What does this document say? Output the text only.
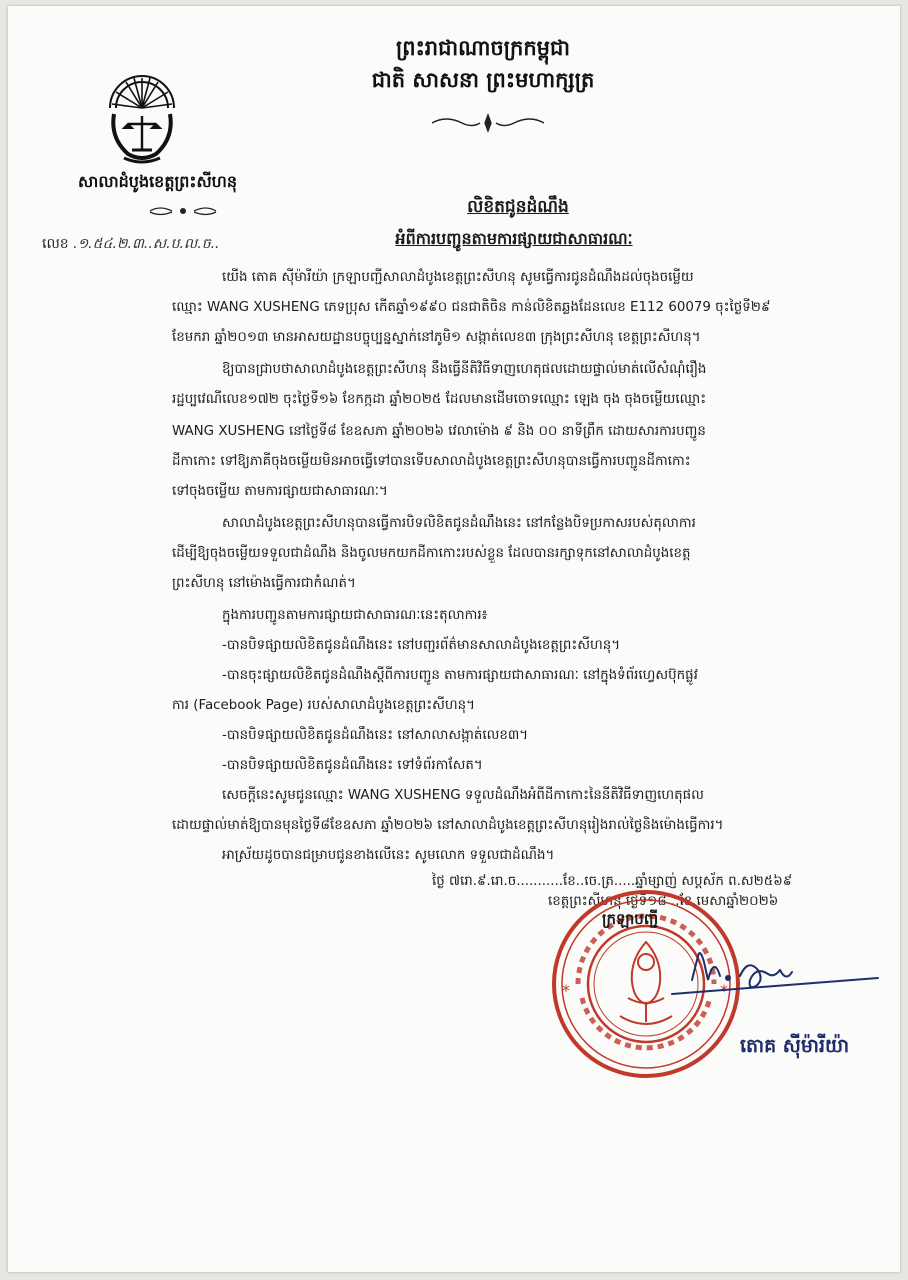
សាលាដំបូងខេត្តព្រះសីហនុ
លេខ .១.៥៤.២.៣..ស.ប.ល.ច..
ព្រះរាជាណាចក្រកម្ពុជា
ជាតិ សាសនា ព្រះមហាក្សត្រ
លិខិតជូនដំណឹង
អំពីការបញ្ជូនតាមការផ្សាយជាសាធារណៈ
យើង តោគ ស៊ីម៉ារីយ៉ា ក្រឡាបញ្ជីសាលាដំបូងខេត្តព្រះសីហនុ សូមធ្វើការជូនដំណឹងដល់ចុងចម្លើយ
ឈ្មោះ WANG XUSHENG ភេទប្រុស កើតឆ្នាំ១៩៩០ ជនជាតិចិន កាន់លិខិតឆ្លងដែនលេខ E112 60079 ចុះថ្ងៃទី២៩
ខែមករា ឆ្នាំ២០១៣ មានអាសយដ្ឋានបច្ចុប្បន្នស្នាក់នៅភូមិ១ សង្កាត់លេខ៣ ក្រុងព្រះសីហនុ ខេត្តព្រះសីហនុ។
ឱ្យបានជ្រាបថាសាលាដំបូងខេត្តព្រះសីហនុ នឹងធ្វើនីតិវិធីទាញហេតុផលដោយផ្ទាល់មាត់លើសំណុំរឿង
រដ្ឋប្បវេណីលេខ១៧២ ចុះថ្ងៃទី១៦ ខែកក្កដា ឆ្នាំ២០២៥ ដែលមានដើមចោទឈ្មោះ ឡេង ចុង ចុងចម្លើយឈ្មោះ
WANG XUSHENG នៅថ្ងៃទី៨ ខែឧសភា ឆ្នាំ២០២៦ វេលាម៉ោង ៩ និង ០០ នាទីព្រឹក ដោយសារការបញ្ជូន
ដីកាកោះ ទៅឱ្យភាគីចុងចម្លើយមិនអាចធ្វើទៅបានទើបសាលាដំបូងខេត្តព្រះសីហនុបានធ្វើការបញ្ជូនដីកាកោះ
ទៅចុងចម្លើយ តាមការផ្សាយជាសាធារណៈ។
សាលាដំបូងខេត្តព្រះសីហនុបានធ្វើការបិទលិខិតជូនដំណឹងនេះ នៅកន្លែងបិទប្រកាសរបស់តុលាការ
ដើម្បីឱ្យចុងចម្លើយទទួលជាដំណឹង និងចូលមកយកដីកាកោះរបស់ខ្លួន ដែលបានរក្សាទុកនៅសាលាដំបូងខេត្ត
ព្រះសីហនុ នៅម៉ោងធ្វើការជាកំណត់។
ក្នុងការបញ្ជូនតាមការផ្សាយជាសាធារណៈនេះតុលាការ៖
-បានបិទផ្សាយលិខិតជូនដំណឹងនេះ នៅបញ្ជរព័ត៌មានសាលាដំបូងខេត្តព្រះសីហនុ។
-បានចុះផ្សាយលិខិតជូនដំណឹងស្តីពីការបញ្ជូន តាមការផ្សាយជាសាធារណៈ នៅក្នុងទំព័រហ្វេសប៊ុកផ្លូវ
ការ (Facebook Page) របស់សាលាដំបូងខេត្តព្រះសីហនុ។
-បានបិទផ្សាយលិខិតជូនដំណឹងនេះ នៅសាលាសង្កាត់លេខ៣។
-បានបិទផ្សាយលិខិតជូនដំណឹងនេះ ទៅទំព័រកាសែត។
សេចក្តីនេះសូមជូនឈ្មោះ WANG XUSHENG ទទួលដំណឹងអំពីដីកាកោះនៃនីតិវិធីទាញហេតុផល
ដោយផ្ទាល់មាត់ឱ្យបានមុនថ្ងៃទី៨ខែឧសភា ឆ្នាំ២០២៦ នៅសាលាដំបូងខេត្តព្រះសីហនុរៀងរាល់ថ្ងៃនិងម៉ោងធ្វើការ។
អាស្រ័យដូចបានជម្រាបជូនខាងលើនេះ សូមលោក ទទួលជាដំណឹង។
ថ្ងៃ ៧រោ.៩.រោ.ច...........ខែ..ចេ.ត្រ.....ឆ្នាំម្សាញ់ សប្តស័ក ព.ស២៥៦៩
ខេត្តព្រះសីហនុ ថ្ងៃទី១៨ ..ខែ.មេសាឆ្នាំ២០២៦
*	*
ក្រឡាបញ្ជី
តោគ ស៊ីម៉ារីយ៉ា
